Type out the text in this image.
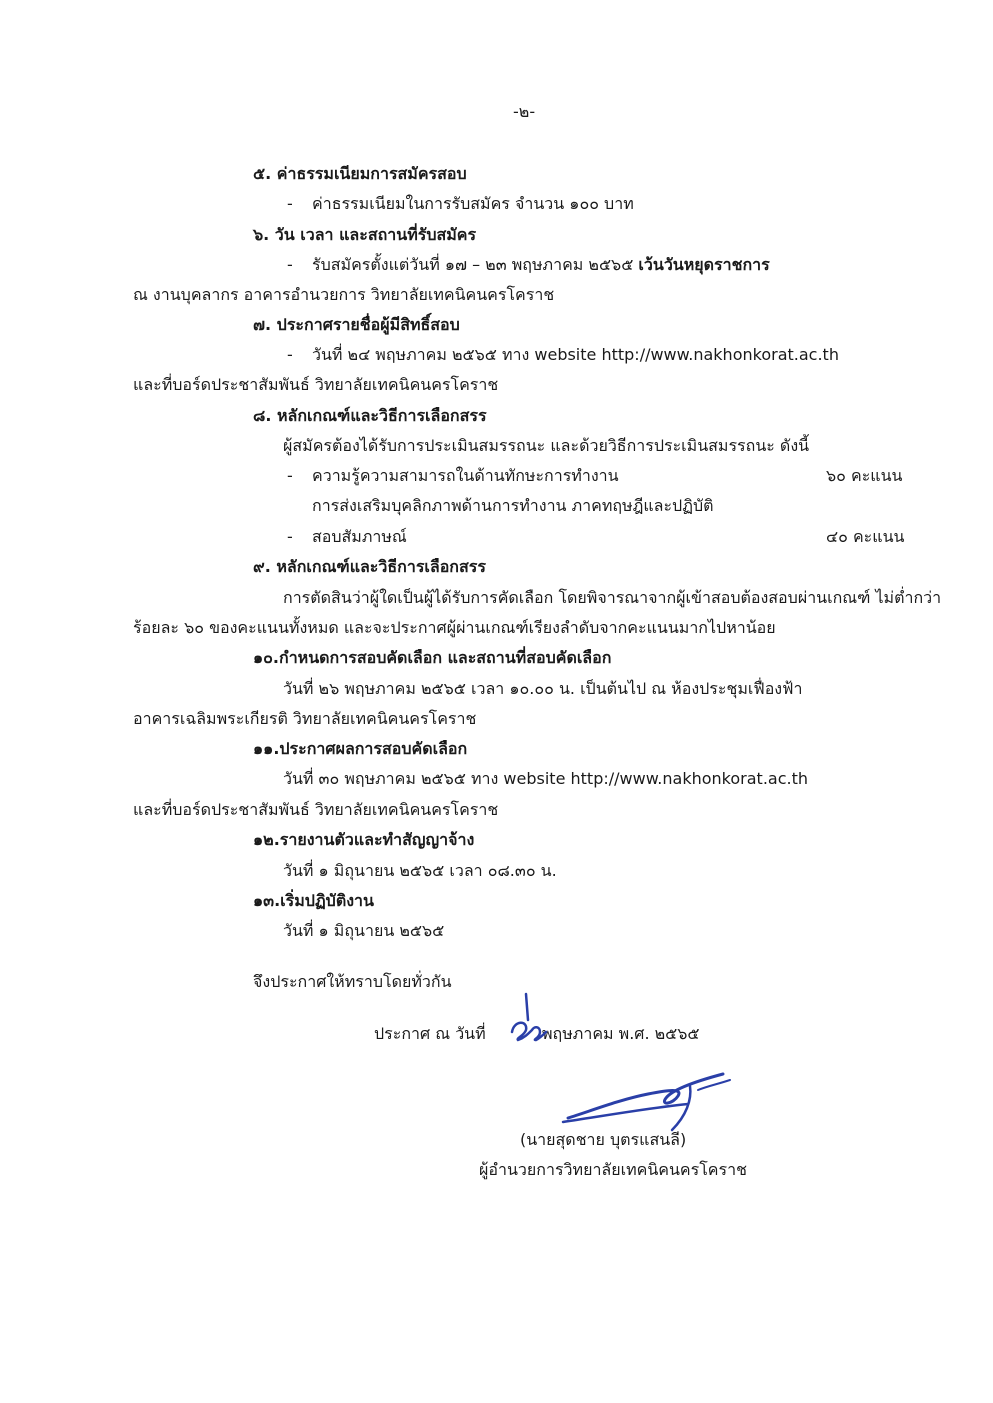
-๒-
๕. ค่าธรรมเนียมการสมัครสอบ
- ค่าธรรมเนียมในการรับสมัคร จำนวน ๑๐๐ บาท
๖. วัน เวลา และสถานที่รับสมัคร
- รับสมัครตั้งแต่วันที่ ๑๗ – ๒๓ พฤษภาคม ๒๕๖๕ เว้นวันหยุดราชการ
ณ งานบุคลากร อาคารอำนวยการ วิทยาลัยเทคนิคนครโคราช
๗. ประกาศรายชื่อผู้มีสิทธิ์สอบ
- วันที่ ๒๔ พฤษภาคม ๒๕๖๕ ทาง website http://www.nakhonkorat.ac.th
และที่บอร์ดประชาสัมพันธ์ วิทยาลัยเทคนิคนครโคราช
๘. หลักเกณฑ์และวิธีการเลือกสรร
ผู้สมัครต้องได้รับการประเมินสมรรถนะ และด้วยวิธีการประเมินสมรรถนะ ดังนี้
- ความรู้ความสามารถในด้านทักษะการทำงาน	๖๐ คะแนน
การส่งเสริมบุคลิกภาพด้านการทำงาน ภาคทฤษฎีและปฏิบัติ
- สอบสัมภาษณ์	๔๐ คะแนน
๙. หลักเกณฑ์และวิธีการเลือกสรร
การตัดสินว่าผู้ใดเป็นผู้ได้รับการคัดเลือก โดยพิจารณาจากผู้เข้าสอบต้องสอบผ่านเกณฑ์ ไม่ต่ำกว่า
ร้อยละ ๖๐ ของคะแนนทั้งหมด และจะประกาศผู้ผ่านเกณฑ์เรียงลำดับจากคะแนนมากไปหาน้อย
๑๐.กำหนดการสอบคัดเลือก และสถานที่สอบคัดเลือก
วันที่ ๒๖ พฤษภาคม ๒๕๖๕ เวลา ๑๐.๐๐ น. เป็นต้นไป ณ ห้องประชุมเฟื่องฟ้า
อาคารเฉลิมพระเกียรติ วิทยาลัยเทคนิคนครโคราช
๑๑.ประกาศผลการสอบคัดเลือก
วันที่ ๓๐ พฤษภาคม ๒๕๖๕ ทาง website http://www.nakhonkorat.ac.th
และที่บอร์ดประชาสัมพันธ์ วิทยาลัยเทคนิคนครโคราช
๑๒.รายงานตัวและทำสัญญาจ้าง
วันที่ ๑ มิถุนายน ๒๕๖๕ เวลา ๐๘.๓๐ น.
๑๓.เริ่มปฏิบัติงาน
วันที่ ๑ มิถุนายน ๒๕๖๕
จึงประกาศให้ทราบโดยทั่วกัน
ประกาศ ณ วันที่	พฤษภาคม พ.ศ. ๒๕๖๕
(นายสุดชาย บุตรแสนลี)
ผู้อำนวยการวิทยาลัยเทคนิคนครโคราช
